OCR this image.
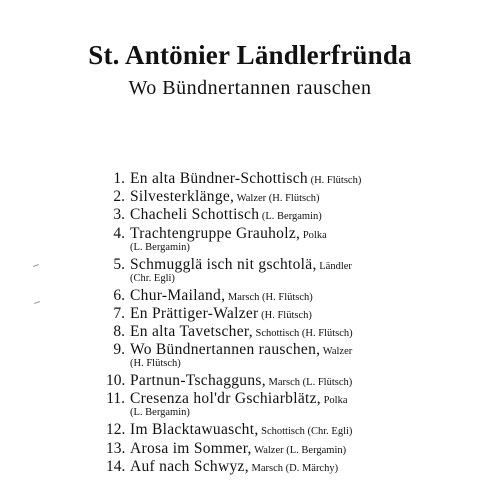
St. Antönier Ländlerfründa
Wo Bündnertannen rauschen
1. En alta Bündner-Schottisch (H. Flütsch)
2. Silvesterklänge, Walzer (H. Flütsch)
3. Chacheli Schottisch (L. Bergamin)
4. Trachtengruppe Grauholz, Polka
(L. Bergamin)
5. Schmugglä isch nit gschtolä, Ländler
(Chr. Egli)
6. Chur-Mailand, Marsch (H. Flütsch)
7. En Prättiger-Walzer (H. Flütsch)
8. En alta Tavetscher, Schottisch (H. Flütsch)
9. Wo Bündnertannen rauschen, Walzer
(H. Flütsch)
10. Partnun-Tschagguns, Marsch (L. Flütsch)
11. Cresenza hol'dr Gschiarblätz, Polka
(L. Bergamin)
12. Im Blacktawuascht, Schottisch (Chr. Egli)
13. Arosa im Sommer, Walzer (L. Bergamin)
14. Auf nach Schwyz, Marsch (D. Märchy)
